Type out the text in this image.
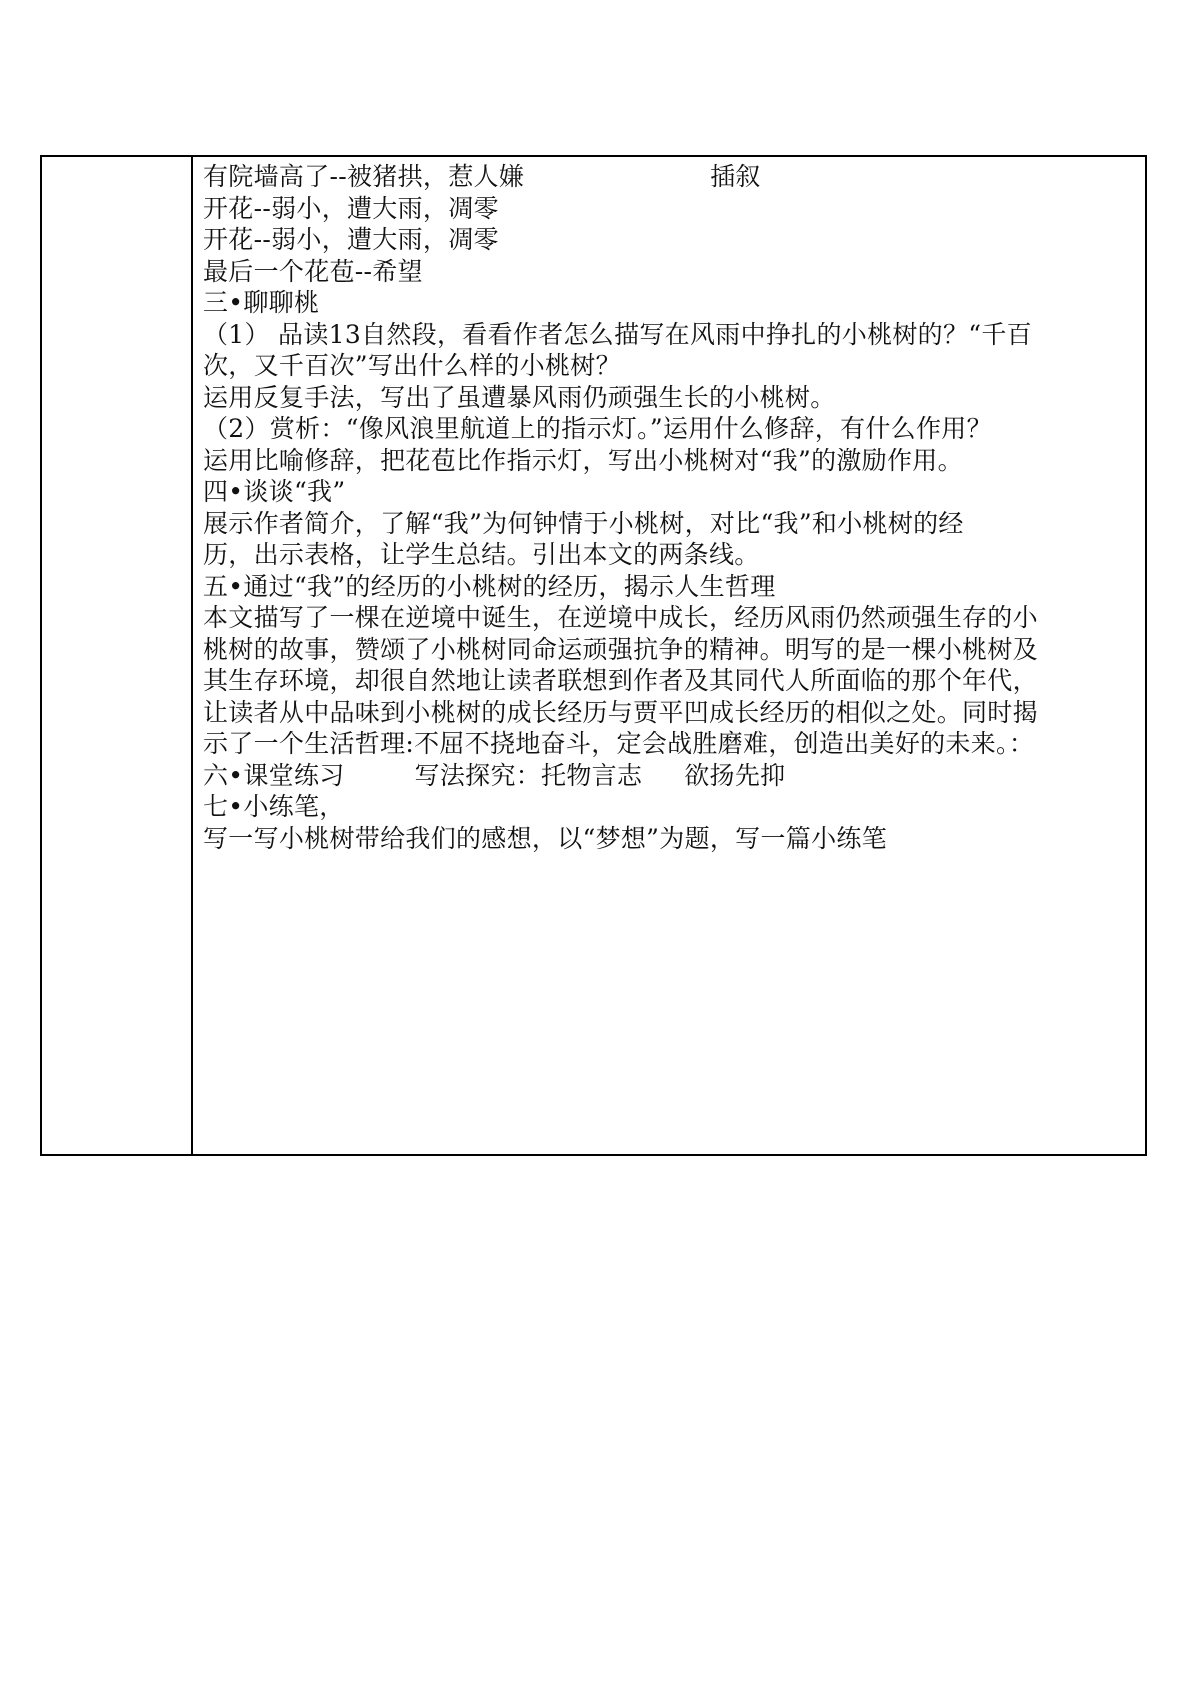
有院墙高了--被猪拱，惹人嫌	插叙
开花--弱小，遭大雨，凋零
开花--弱小，遭大雨，凋零
最后一个花苞--希望
三•聊聊桃
（1） 品读13自然段，看看作者怎么描写在风雨中挣扎的小桃树的？“千百
次，又千百次”写出什么样的小桃树？
运用反复手法，写出了虽遭暴风雨仍顽强生长的小桃树。
（2）赏析：“像风浪里航道上的指示灯。”运用什么修辞，有什么作用？
运用比喻修辞，把花苞比作指示灯，写出小桃树对“我”的激励作用。
四•谈谈“我”
展示作者简介，了解“我”为何钟情于小桃树，对比“我”和小桃树的经
历，出示表格，让学生总结。引出本文的两条线。
五•通过“我”的经历的小桃树的经历，揭示人生哲理
本文描写了一棵在逆境中诞生，在逆境中成长，经历风雨仍然顽强生存的小
桃树的故事，赞颂了小桃树同命运顽强抗争的精神。明写的是一棵小桃树及
其生存环境，却很自然地让读者联想到作者及其同代人所面临的那个年代，
让读者从中品味到小桃树的成长经历与贾平凹成长经历的相似之处。同时揭
示了一个生活哲理:不屈不挠地奋斗，定会战胜磨难，创造出美好的未来。：
六•课堂练习	写法探究：托物言志 欲扬先抑
七•小练笔，
写一写小桃树带给我们的感想，以“梦想”为题，写一篇小练笔
